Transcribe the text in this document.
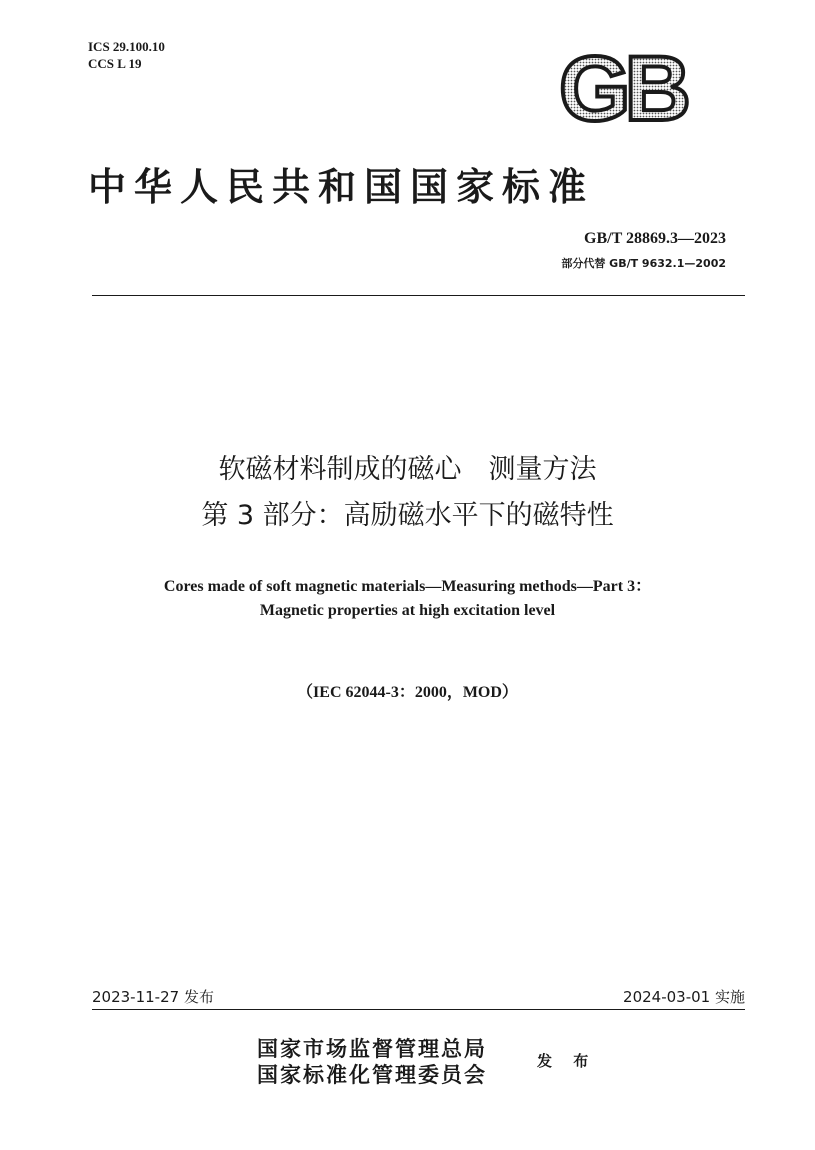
ICS 29.100.10
CCS L 19	GB
中华人民共和国国家标准
GB/T 28869.3—2023
部分代替 GB/T 9632.1—2002
软磁材料制成的磁心　测量方法
第 3 部分：高励磁水平下的磁特性
Cores made of soft magnetic materials—Measuring methods—Part 3：
Magnetic properties at high excitation level
（IEC 62044-3：2000，MOD）
2023-11-27 发布	2024-03-01 实施
国家市场监督管理总局
国家标准化管理委员会
发 布
